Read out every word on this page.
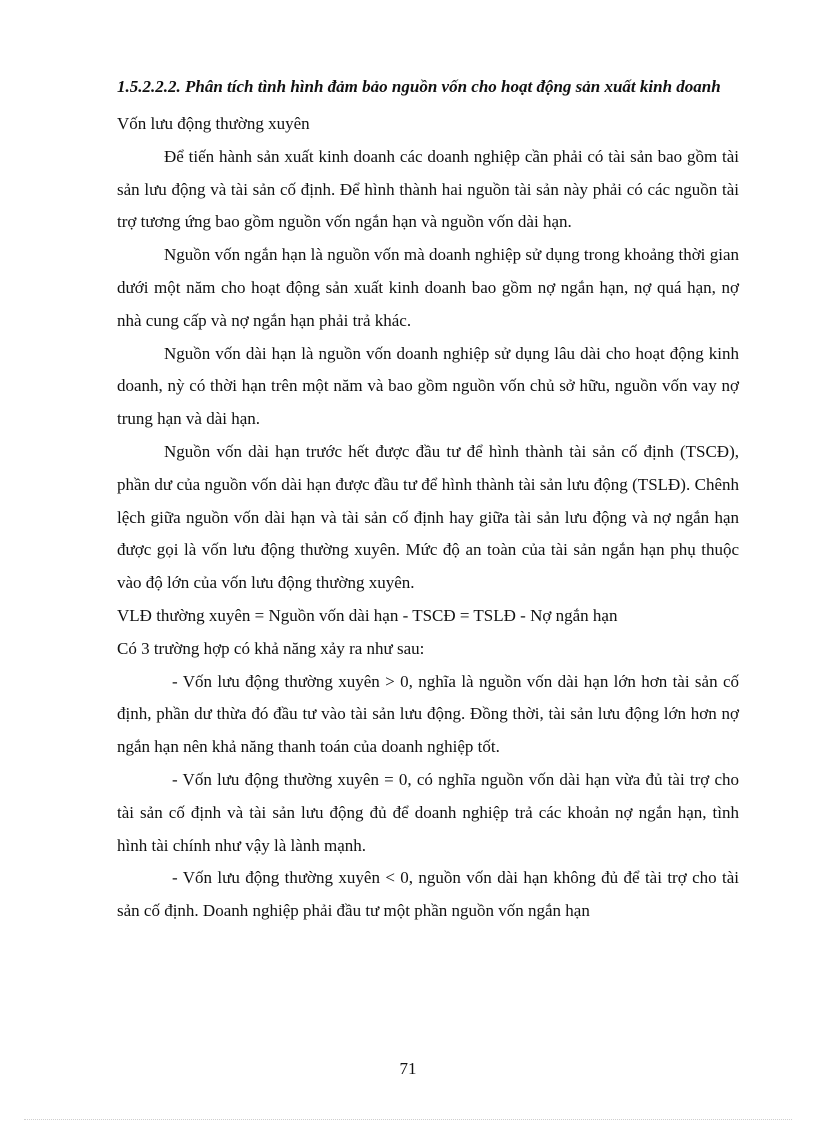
1.5.2.2.2. Phân tích tình hình đảm bảo nguồn vốn cho hoạt động sản xuất kinh doanh

Vốn lưu động thường xuyên

Để tiến hành sản xuất kinh doanh các doanh nghiệp cần phải có tài sản bao gồm tài sản lưu động và tài sản cố định. Để hình thành hai nguồn tài sản này phải có các nguồn tài trợ tương ứng bao gồm nguồn vốn ngắn hạn và nguồn vốn dài hạn.

Nguồn vốn ngắn hạn là nguồn vốn mà doanh nghiệp sử dụng trong khoảng thời gian dưới một năm cho hoạt động sản xuất kinh doanh bao gồm nợ ngắn hạn, nợ quá hạn, nợ nhà cung cấp và nợ ngắn hạn phải trả khác.

Nguồn vốn dài hạn là nguồn vốn doanh nghiệp sử dụng lâu dài cho hoạt động kinh doanh, nỳ có thời hạn trên một năm và bao gồm nguồn vốn chủ sở hữu, nguồn vốn vay nợ trung hạn và dài hạn.

Nguồn vốn dài hạn trước hết được đầu tư để hình thành tài sản cố định (TSCĐ), phần dư của nguồn vốn dài hạn được đầu tư để hình thành tài sản lưu động (TSLĐ). Chênh lệch giữa nguồn vốn dài hạn và tài sản cố định hay giữa tài sản lưu động và nợ ngắn hạn được gọi là vốn lưu động thường xuyên. Mức độ an toàn của tài sản ngắn hạn phụ thuộc vào độ lớn của vốn lưu động thường xuyên.

VLĐ thường xuyên = Nguồn vốn dài hạn - TSCĐ = TSLĐ - Nợ ngắn hạn

Có 3 trường hợp có khả năng xảy ra như sau:

- Vốn lưu động thường xuyên > 0, nghĩa là nguồn vốn dài hạn lớn hơn tài sản cố định, phần dư thừa đó đầu tư vào tài sản lưu động. Đồng thời, tài sản lưu động lớn hơn nợ ngắn hạn nên khả năng thanh toán của doanh nghiệp tốt.

- Vốn lưu động thường xuyên = 0, có nghĩa nguồn vốn dài hạn vừa đủ tài trợ cho tài sản cố định và tài sản lưu động đủ để doanh nghiệp trả các khoản nợ ngắn hạn, tình hình tài chính như vậy là lành mạnh.

- Vốn lưu động thường xuyên < 0, nguồn vốn dài hạn không đủ để tài trợ cho tài sản cố định. Doanh nghiệp phải đầu tư một phần nguồn vốn ngắn hạn

71
